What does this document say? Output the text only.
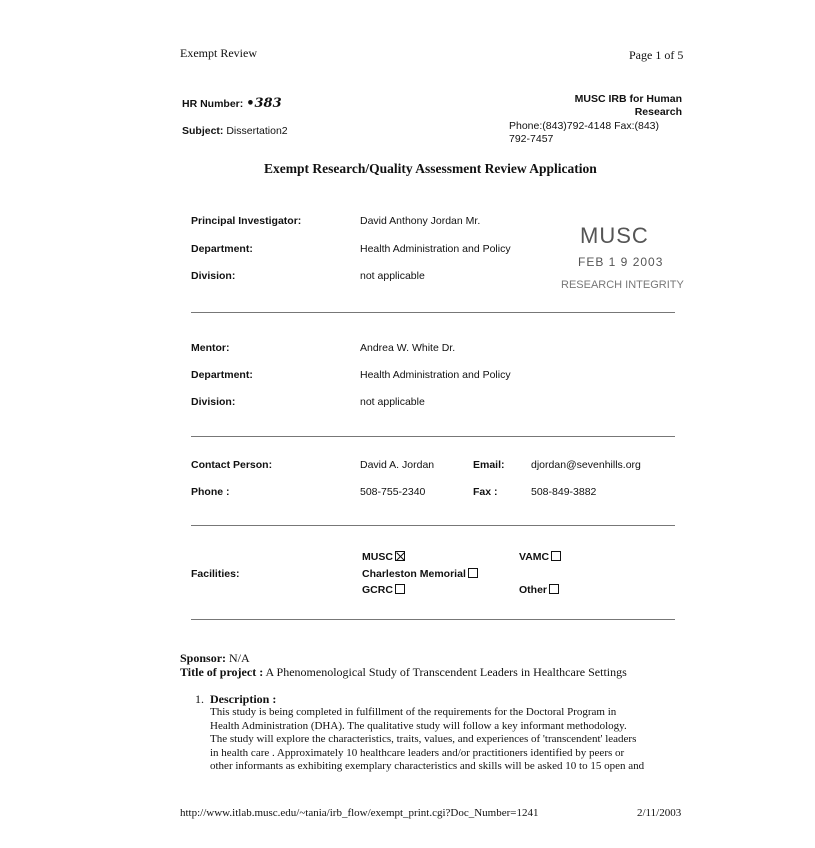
Exempt Review	Page 1 of 5
HR Number: •383
Subject: Dissertation2
MUSC IRB for Human
Research
Phone:(843)792-4148 Fax:(843)
792-7457
Exempt Research/Quality Assessment Review Application
Principal Investigator:	David Anthony Jordan Mr.
Department:	Health Administration and Policy
Division:	not applicable
MUSC
FEB 1 9 2003
RESEARCH INTEGRITY
Mentor:	Andrea W. White Dr.
Department:	Health Administration and Policy
Division:	not applicable
Contact Person:	David A. Jordan	Email:	djordan@sevenhills.org
Phone :	508-755-2340	Fax :	508-849-3882
Facilities:
MUSC	VAMC
Charleston Memorial
GCRC	Other
Sponsor: N/A
Title of project : A Phenomenological Study of Transcendent Leaders in Healthcare Settings
1. Description :
This study is being completed in fulfillment of the requirements for the Doctoral Program in
Health Administration (DHA). The qualitative study will follow a key informant methodology.
The study will explore the characteristics, traits, values, and experiences of 'transcendent' leaders
in health care . Approximately 10 healthcare leaders and/or practitioners identified by peers or
other informants as exhibiting exemplary characteristics and skills will be asked 10 to 15 open and
http://www.itlab.musc.edu/~tania/irb_flow/exempt_print.cgi?Doc_Number=1241	2/11/2003
